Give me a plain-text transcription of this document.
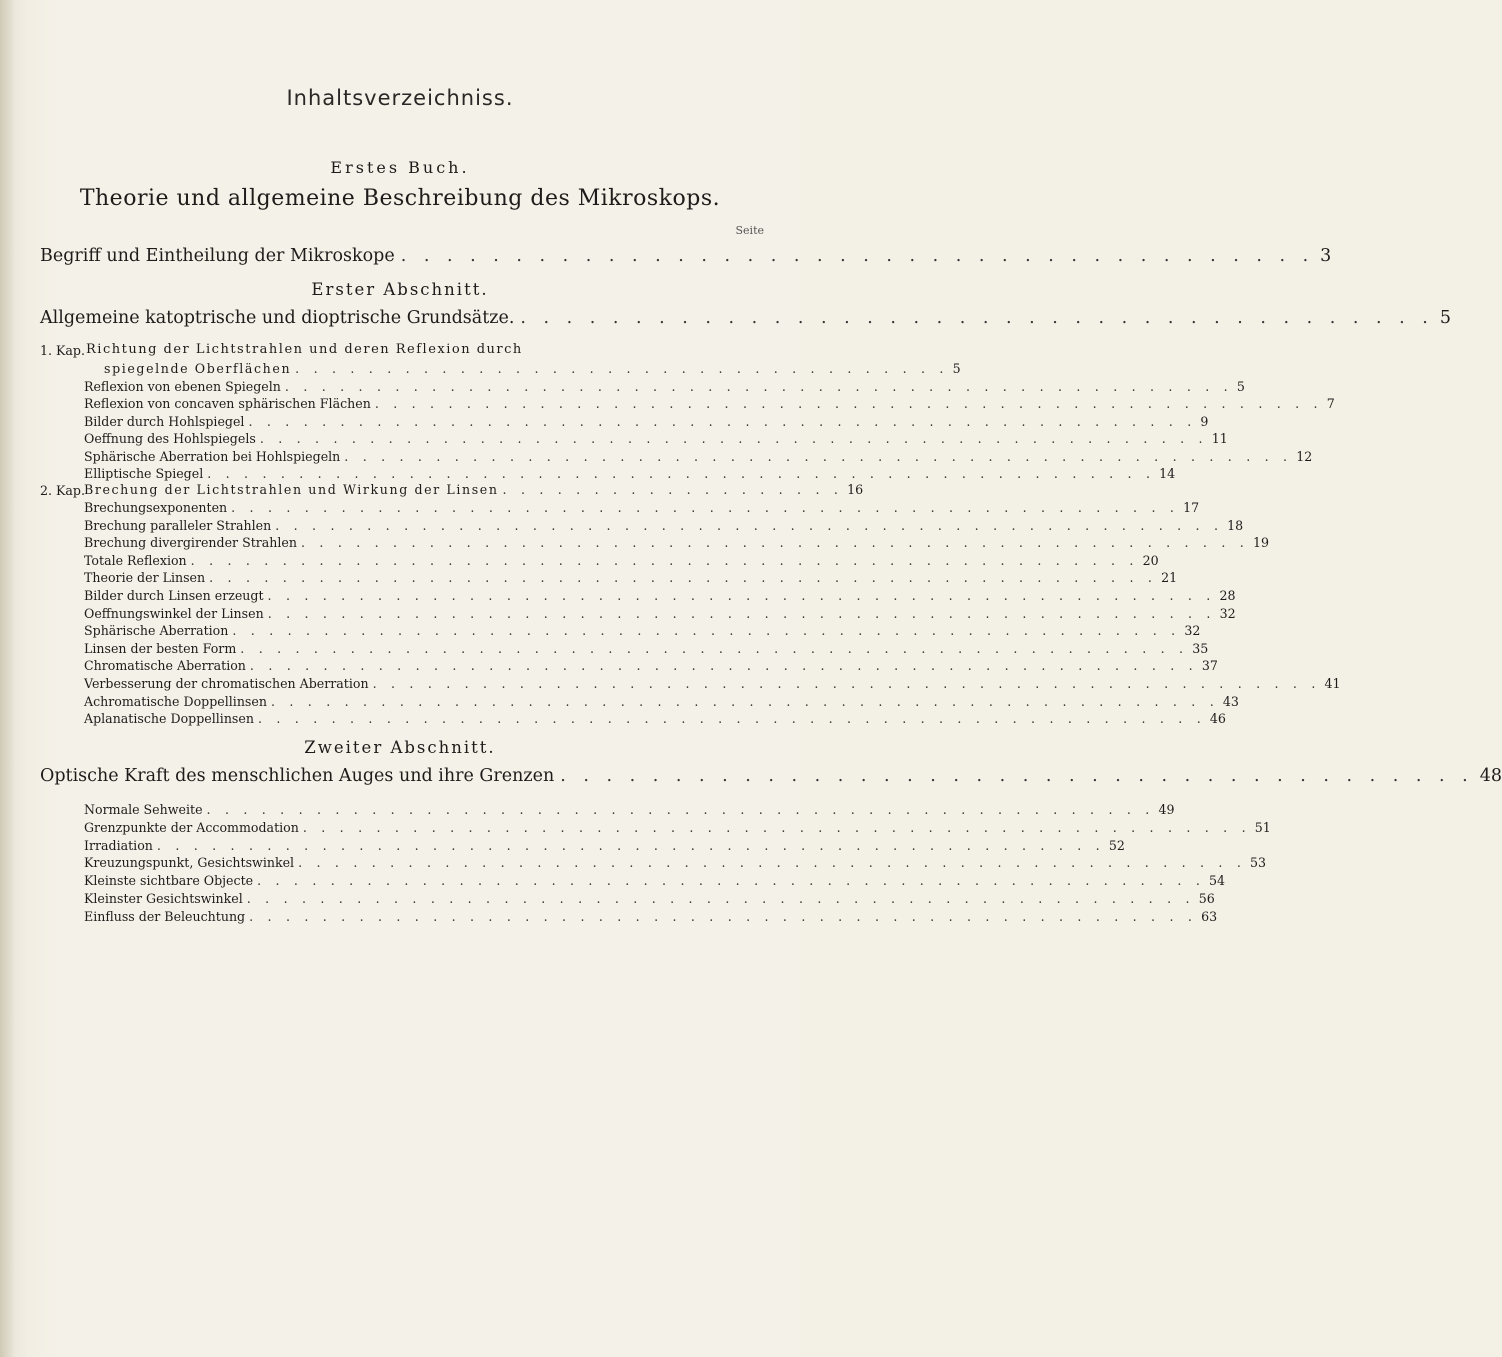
Inhaltsverzeichniss.
Erstes Buch.
Theorie und allgemeine Beschreibung des Mikroskops.
Seite
Begriff und Eintheilung der Mikroskope . . . . . . . . . . . . . . . . . . . . . . . . . . . . . . . . . . . . . . . . 3
Erster Abschnitt.
Allgemeine katoptrische und dioptrische Grundsätze. . . . . . . . . . . . . . . . . . . . . . . . . . . . . . . . . . . . . . . . . 5
1. Kap. Richtung der Lichtstrahlen und deren Reflexion durch
spiegelnde Oberflächen . . . . . . . . . . . . . . . . . . . . . . . . . . . . . . . . . . . . 5
Reflexion von ebenen Spiegeln . . . . . . . . . . . . . . . . . . . . . . . . . . . . . . . . . . . . . . . . . . . . . . . . . . . . 5
Reflexion von concaven sphärischen Flächen . . . . . . . . . . . . . . . . . . . . . . . . . . . . . . . . . . . . . . . . . . . . . . . . . . . . 7
Bilder durch Hohlspiegel . . . . . . . . . . . . . . . . . . . . . . . . . . . . . . . . . . . . . . . . . . . . . . . . . . . . 9
Oeffnung des Hohlspiegels . . . . . . . . . . . . . . . . . . . . . . . . . . . . . . . . . . . . . . . . . . . . . . . . . . . . 11
Sphärische Aberration bei Hohlspiegeln . . . . . . . . . . . . . . . . . . . . . . . . . . . . . . . . . . . . . . . . . . . . . . . . . . . . 12
Elliptische Spiegel . . . . . . . . . . . . . . . . . . . . . . . . . . . . . . . . . . . . . . . . . . . . . . . . . . . . 14
2. Kap.
Brechung der Lichtstrahlen und Wirkung der Linsen . . . . . . . . . . . . . . . . . . . 16
Brechungsexponenten . . . . . . . . . . . . . . . . . . . . . . . . . . . . . . . . . . . . . . . . . . . . . . . . . . . . 17
Brechung paralleler Strahlen . . . . . . . . . . . . . . . . . . . . . . . . . . . . . . . . . . . . . . . . . . . . . . . . . . . . 18
Brechung divergirender Strahlen . . . . . . . . . . . . . . . . . . . . . . . . . . . . . . . . . . . . . . . . . . . . . . . . . . . . 19
Totale Reflexion . . . . . . . . . . . . . . . . . . . . . . . . . . . . . . . . . . . . . . . . . . . . . . . . . . . . 20
Theorie der Linsen . . . . . . . . . . . . . . . . . . . . . . . . . . . . . . . . . . . . . . . . . . . . . . . . . . . . 21
Bilder durch Linsen erzeugt . . . . . . . . . . . . . . . . . . . . . . . . . . . . . . . . . . . . . . . . . . . . . . . . . . . . 28
Oeffnungswinkel der Linsen . . . . . . . . . . . . . . . . . . . . . . . . . . . . . . . . . . . . . . . . . . . . . . . . . . . . 32
Sphärische Aberration . . . . . . . . . . . . . . . . . . . . . . . . . . . . . . . . . . . . . . . . . . . . . . . . . . . . 32
Linsen der besten Form . . . . . . . . . . . . . . . . . . . . . . . . . . . . . . . . . . . . . . . . . . . . . . . . . . . . 35
Chromatische Aberration . . . . . . . . . . . . . . . . . . . . . . . . . . . . . . . . . . . . . . . . . . . . . . . . . . . . 37
Verbesserung der chromatischen Aberration . . . . . . . . . . . . . . . . . . . . . . . . . . . . . . . . . . . . . . . . . . . . . . . . . . . . 41
Achromatische Doppellinsen . . . . . . . . . . . . . . . . . . . . . . . . . . . . . . . . . . . . . . . . . . . . . . . . . . . . 43
Aplanatische Doppellinsen . . . . . . . . . . . . . . . . . . . . . . . . . . . . . . . . . . . . . . . . . . . . . . . . . . . . 46
Zweiter Abschnitt.
Optische Kraft des menschlichen Auges und ihre Grenzen . . . . . . . . . . . . . . . . . . . . . . . . . . . . . . . . . . . . . . . . 48
Normale Sehweite . . . . . . . . . . . . . . . . . . . . . . . . . . . . . . . . . . . . . . . . . . . . . . . . . . . . 49
Grenzpunkte der Accommodation . . . . . . . . . . . . . . . . . . . . . . . . . . . . . . . . . . . . . . . . . . . . . . . . . . . . 51
Irradiation . . . . . . . . . . . . . . . . . . . . . . . . . . . . . . . . . . . . . . . . . . . . . . . . . . . . 52
Kreuzungspunkt, Gesichtswinkel . . . . . . . . . . . . . . . . . . . . . . . . . . . . . . . . . . . . . . . . . . . . . . . . . . . . 53
Kleinste sichtbare Objecte . . . . . . . . . . . . . . . . . . . . . . . . . . . . . . . . . . . . . . . . . . . . . . . . . . . . 54
Kleinster Gesichtswinkel . . . . . . . . . . . . . . . . . . . . . . . . . . . . . . . . . . . . . . . . . . . . . . . . . . . . 56
Einfluss der Beleuchtung . . . . . . . . . . . . . . . . . . . . . . . . . . . . . . . . . . . . . . . . . . . . . . . . . . . . 63
